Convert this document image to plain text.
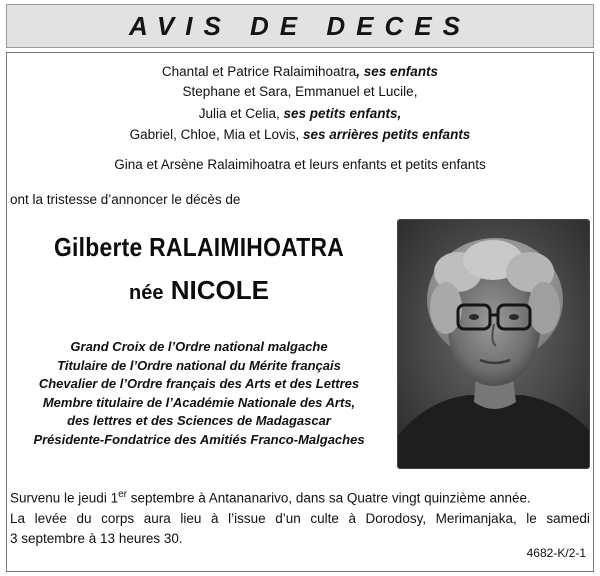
AVIS DE DECES
Chantal et Patrice Ralaimihoatra, ses enfants
Stephane et Sara, Emmanuel et Lucile,
Julia et Celia, ses petits enfants,
Gabriel, Chloe, Mia et Lovis, ses arrières petits enfants
Gina et Arsène Ralaimihoatra et leurs enfants et petits enfants
ont la tristesse d’annoncer le décès de
Gilberte RALAIMIHOATRA
née NICOLE
Grand Croix de l’Ordre national malgache
Titulaire de l’Ordre national du Mérite français
Chevalier de l’Ordre français des Arts et des Lettres
Membre titulaire de l’Académie Nationale des Arts,
des lettres et des Sciences de Madagascar
Présidente-Fondatrice des Amitiés Franco-Malgaches
Survenu le jeudi 1er septembre à Antananarivo, dans sa Quatre vingt quinzième année.
La levée du corps aura lieu à l’issue d’un culte à Dorodosy, Merimanjaka, le samedi
3 septembre à 13 heures 30.
4682-K/2-1
